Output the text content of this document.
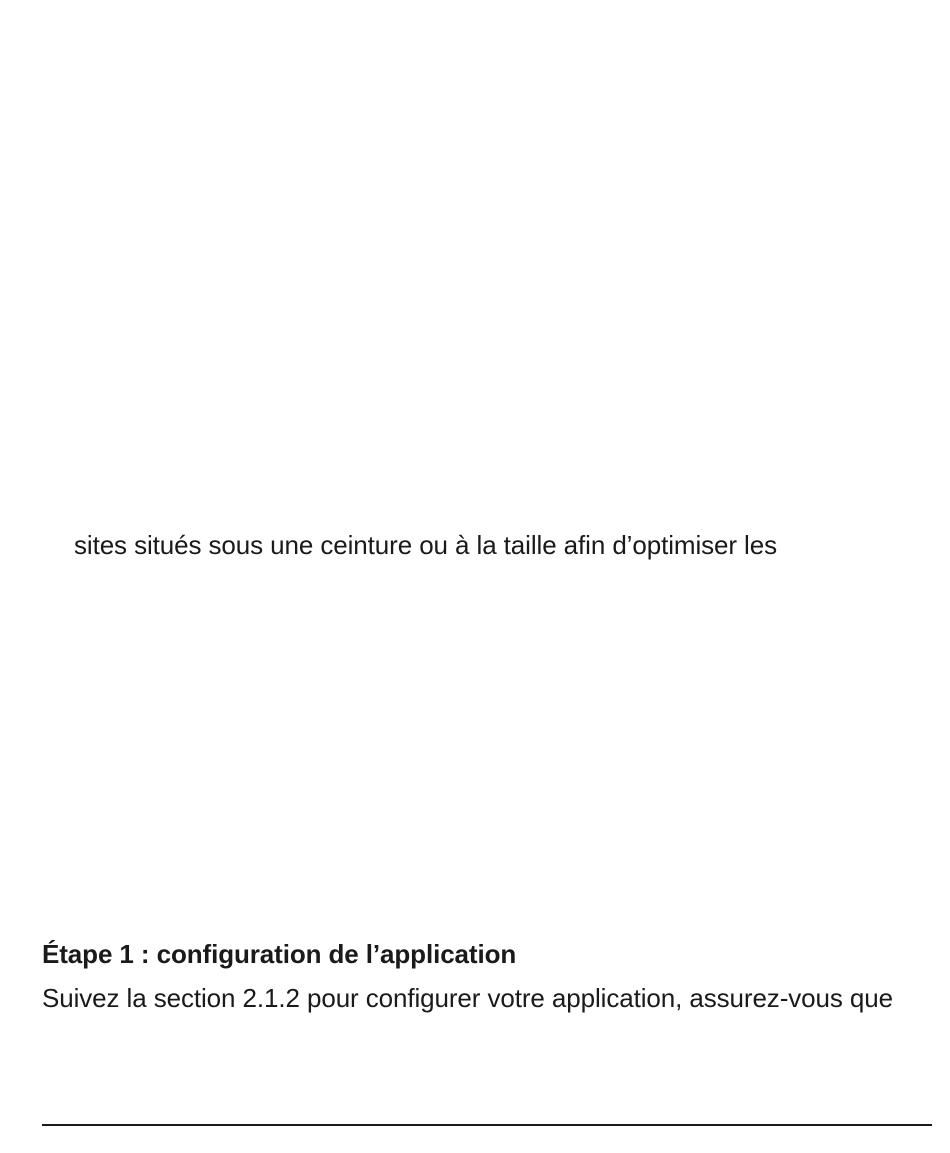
sites situés sous une ceinture ou à la taille afin d’optimiser les
Étape 1 : configuration de l’application
Suivez la section 2.1.2 pour configurer votre application, assurez-vous que
